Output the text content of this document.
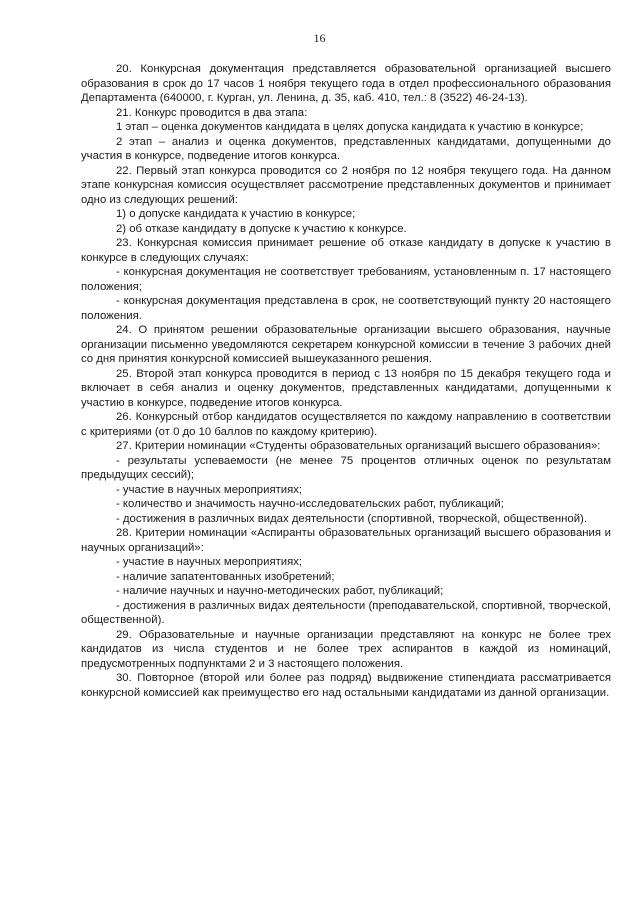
16

20. Конкурсная документация представляется образовательной организацией высшего образования в срок до 17 часов 1 ноября текущего года в отдел профессионального образования Департамента (640000, г. Курган, ул. Ленина, д. 35, каб. 410, тел.: 8 (3522) 46-24-13).

21. Конкурс проводится в два этапа:

1 этап – оценка документов кандидата в целях допуска кандидата к участию в конкурсе;

2 этап – анализ и оценка документов, представленных кандидатами, допущенными до участия в конкурсе, подведение итогов конкурса.

22. Первый этап конкурса проводится со 2 ноября по 12 ноября текущего года. На данном этапе конкурсная комиссия осуществляет рассмотрение представленных документов и принимает одно из следующих решений:

1) о допуске кандидата к участию в конкурсе;

2) об отказе кандидату в допуске к участию к конкурсе.

23. Конкурсная комиссия принимает решение об отказе кандидату в допуске к участию в конкурсе в следующих случаях:

- конкурсная документация не соответствует требованиям, установленным п. 17 настоящего положения;

- конкурсная документация представлена в срок, не соответствующий пункту 20 настоящего положения.

24. О принятом решении образовательные организации высшего образования, научные организации письменно уведомляются секретарем конкурсной комиссии в течение 3 рабочих дней со дня принятия конкурсной комиссией вышеуказанного решения.

25. Второй этап конкурса проводится в период с 13 ноября по 15 декабря текущего года и включает в себя анализ и оценку документов, представленных кандидатами, допущенными к участию в конкурсе, подведение итогов конкурса.

26. Конкурсный отбор кандидатов осуществляется по каждому направлению в соответствии с критериями (от 0 до 10 баллов по каждому критерию).

27. Критерии номинации «Студенты образовательных организаций высшего образования»:

- результаты успеваемости (не менее 75 процентов отличных оценок по результатам предыдущих сессий);

- участие в научных мероприятиях;

- количество и значимость научно-исследовательских работ, публикаций;

- достижения в различных видах деятельности (спортивной, творческой, общественной).

28. Критерии номинации «Аспиранты образовательных организаций высшего образования и научных организаций»:

- участие в научных мероприятиях;

- наличие запатентованных изобретений;

- наличие научных и научно-методических работ, публикаций;

- достижения в различных видах деятельности (преподавательской, спортивной, творческой, общественной).

29. Образовательные и научные организации представляют на конкурс не более трех кандидатов из числа студентов и не более трех аспирантов в каждой из номинаций, предусмотренных подпунктами 2 и 3 настоящего положения.

30. Повторное (второй или более раз подряд) выдвижение стипендиата рассматривается конкурсной комиссией как преимущество его над остальными кандидатами из данной организации.
